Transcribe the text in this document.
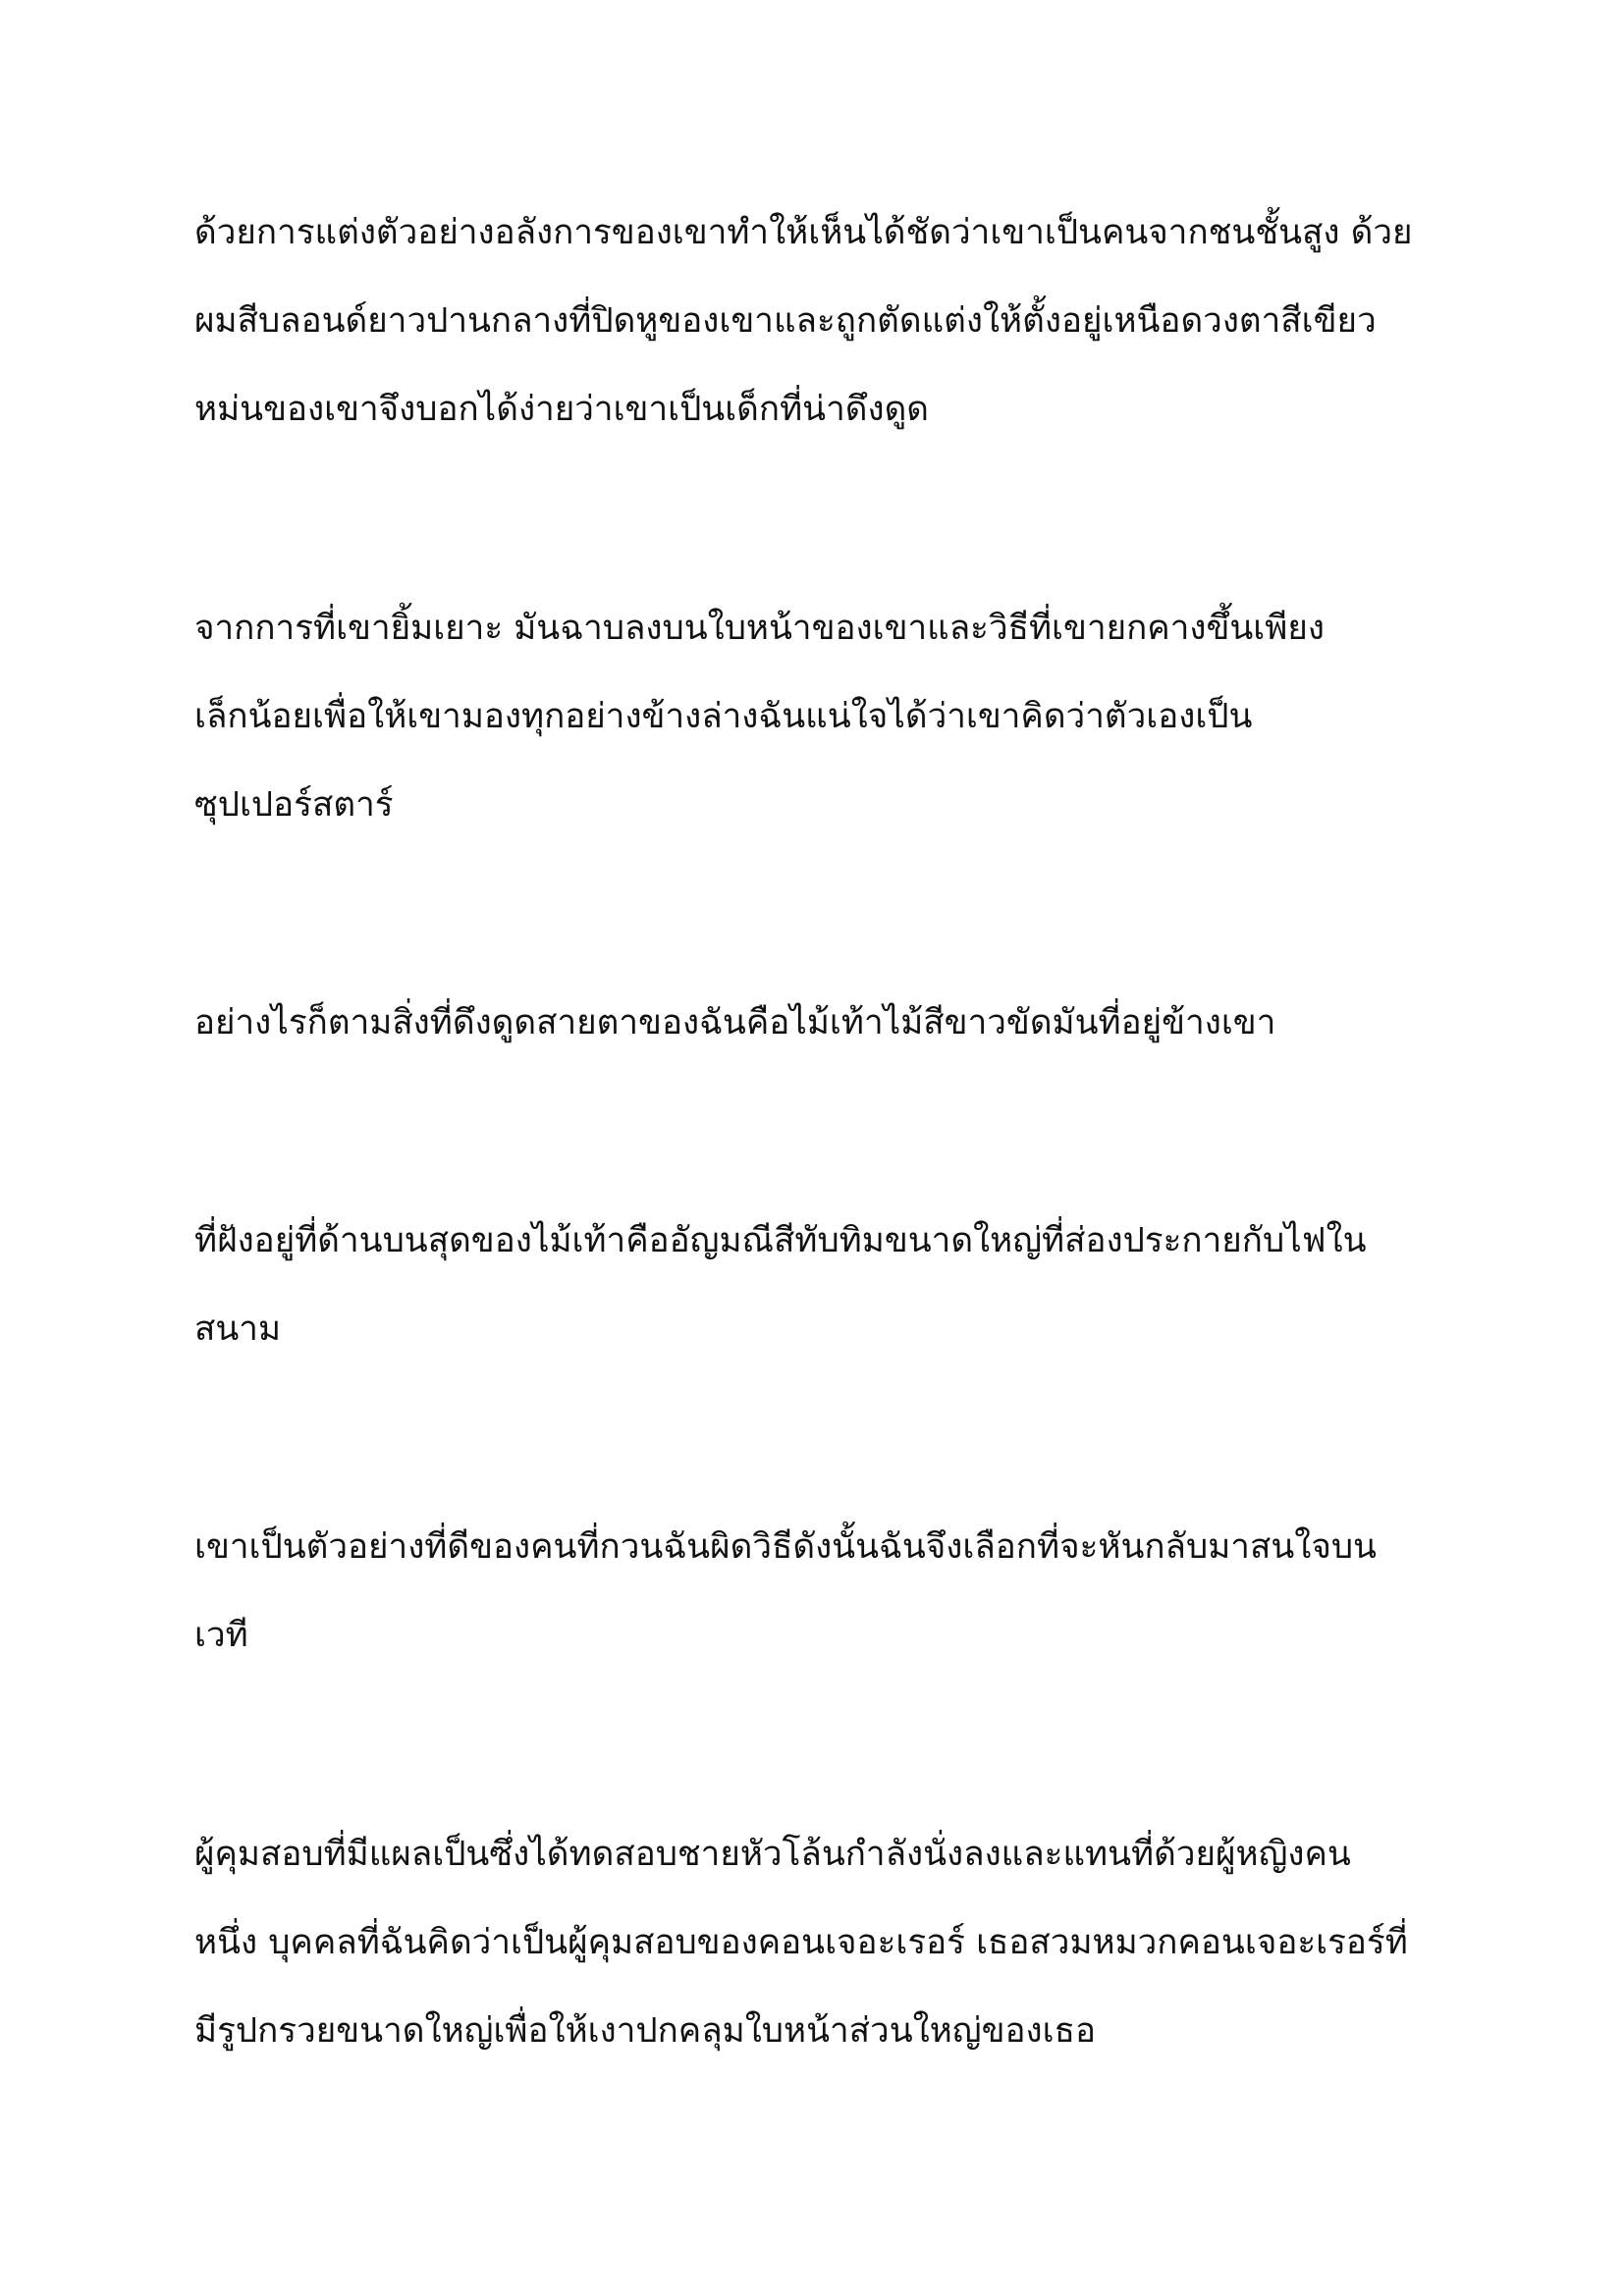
ด้วยการแต่งตัวอย่างอลังการของเขาทำให้เห็นได้ชัดว่าเขาเป็นคนจากชนชั้นสูง ด้วย

ผมสีบลอนด์ยาวปานกลางที่ปิดหูของเขาและถูกตัดแต่งให้ตั้งอยู่เหนือดวงตาสีเขียว

หม่นของเขาจึงบอกได้ง่ายว่าเขาเป็นเด็กที่น่าดึงดูด

จากการที่เขายิ้มเยาะ มันฉาบลงบนใบหน้าของเขาและวิธีที่เขายกคางขึ้นเพียง

เล็กน้อยเพื่อให้เขามองทุกอย่างข้างล่างฉันแน่ใจได้ว่าเขาคิดว่าตัวเองเป็น

ซุปเปอร์สตาร์

อย่างไรก็ตามสิ่งที่ดึงดูดสายตาของฉันคือไม้เท้าไม้สีขาวขัดมันที่อยู่ข้างเขา

ที่ฝังอยู่ที่ด้านบนสุดของไม้เท้าคืออัญมณีสีทับทิมขนาดใหญ่ที่ส่องประกายกับไฟใน

สนาม

เขาเป็นตัวอย่างที่ดีของคนที่กวนฉันผิดวิธีดังนั้นฉันจึงเลือกที่จะหันกลับมาสนใจบน

เวที

ผู้คุมสอบที่มีแผลเป็นซึ่งได้ทดสอบชายหัวโล้นกำลังนั่งลงและแทนที่ด้วยผู้หญิงคน

หนึ่ง บุคคลที่ฉันคิดว่าเป็นผู้คุมสอบของคอนเจอะเรอร์ เธอสวมหมวกคอนเจอะเรอร์ที่

มีรูปกรวยขนาดใหญ่เพื่อให้เงาปกคลุมใบหน้าส่วนใหญ่ของเธอ
